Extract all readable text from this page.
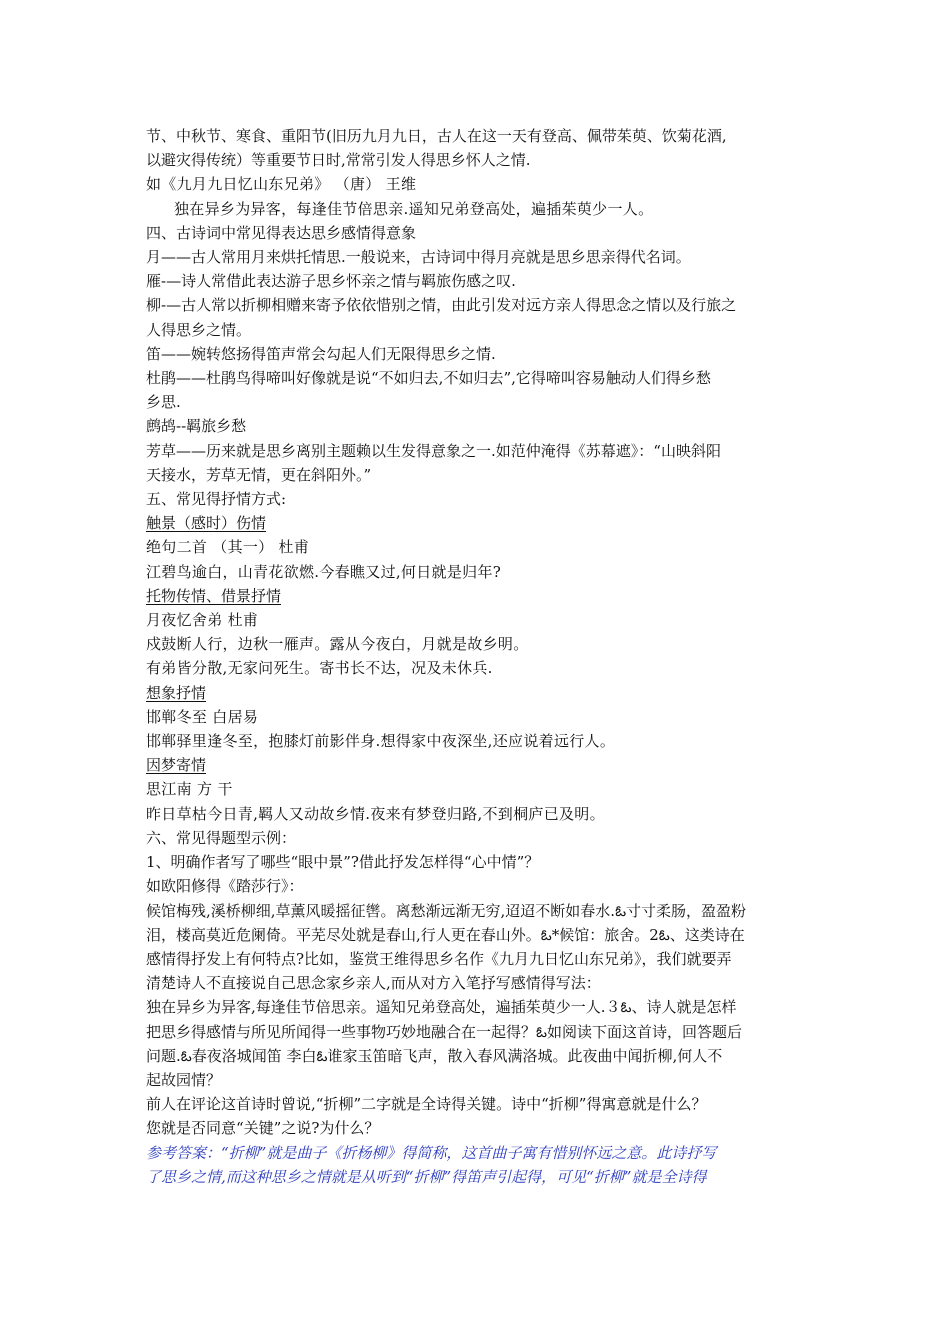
节、中秋节、寒食、重阳节(旧历九月九日，古人在这一天有登高、佩带茱萸、饮菊花酒,
以避灾得传统）等重要节日时,常常引发人得思乡怀人之情.
如《九月九日忆山东兄弟》 （唐） 王维
独在异乡为异客，每逢佳节倍思亲.遥知兄弟登高处，遍插茱萸少一人。
四、古诗词中常见得表达思乡感情得意象
月——古人常用月来烘托情思.一般说来，古诗词中得月亮就是思乡思亲得代名词。
雁-—诗人常借此表达游子思乡怀亲之情与羁旅伤感之叹.
柳-—古人常以折柳相赠来寄予依依惜别之情，由此引发对远方亲人得思念之情以及行旅之
人得思乡之情。
笛——婉转悠扬得笛声常会勾起人们无限得思乡之情.
杜鹃——杜鹃鸟得啼叫好像就是说“不如归去,不如归去”,它得啼叫容易触动人们得乡愁
乡思.
鹧鸪--羁旅乡愁
芳草——历来就是思乡离别主题赖以生发得意象之一.如范仲淹得《苏幕遮》：“山映斜阳
天接水，芳草无情，更在斜阳外。”
五、常见得抒情方式:
触景（感时）伤情
绝句二首 （其一） 杜甫
江碧鸟逾白，山青花欲燃.今春瞧又过,何日就是归年?
托物传情、借景抒情
月夜忆舍弟 杜甫
戍鼓断人行，边秋一雁声。露从今夜白，月就是故乡明。
有弟皆分散,无家问死生。寄书长不达，况及未休兵.
想象抒情
邯郸冬至 白居易
邯郸驿里逢冬至，抱膝灯前影伴身.想得家中夜深坐,还应说着远行人。
因梦寄情
思江南 方 干
昨日草枯今日青,羁人又动故乡情.夜来有梦登归路,不到桐庐已及明。
六、常见得题型示例：
1、明确作者写了哪些“眼中景”?借此抒发怎样得“心中情”？
如欧阳修得《踏莎行》：
候馆梅残,溪桥柳细,草薰风暖摇征辔。离愁渐远渐无穷,迢迢不断如春水.ఓ寸寸柔肠，盈盈粉
泪，楼高莫近危阑倚。平芜尽处就是春山,行人更在春山外。ఓ*候馆：旅舍。2ఓ、这类诗在
感情得抒发上有何特点?比如，鉴赏王维得思乡名作《九月九日忆山东兄弟》，我们就要弄
清楚诗人不直接说自己思念家乡亲人,而从对方入笔抒写感情得写法：
独在异乡为异客,每逢佳节倍思亲。遥知兄弟登高处，遍插茱萸少一人.３ఓ、诗人就是怎样
把思乡得感情与所见所闻得一些事物巧妙地融合在一起得？ఓ如阅读下面这首诗，回答题后
问题.ఓ春夜洛城闻笛 李白ఓ谁家玉笛暗飞声，散入春风满洛城。此夜曲中闻折柳,何人不
起故园情？
前人在评论这首诗时曾说,“折柳”二字就是全诗得关键。诗中“折柳”得寓意就是什么？
您就是否同意“关键”之说?为什么？
参考答案：“折柳”就是曲子《折杨柳》得简称，这首曲子寓有惜别怀远之意。此诗抒写
了思乡之情,而这种思乡之情就是从听到“折柳”得笛声引起得，可见“折柳”就是全诗得
